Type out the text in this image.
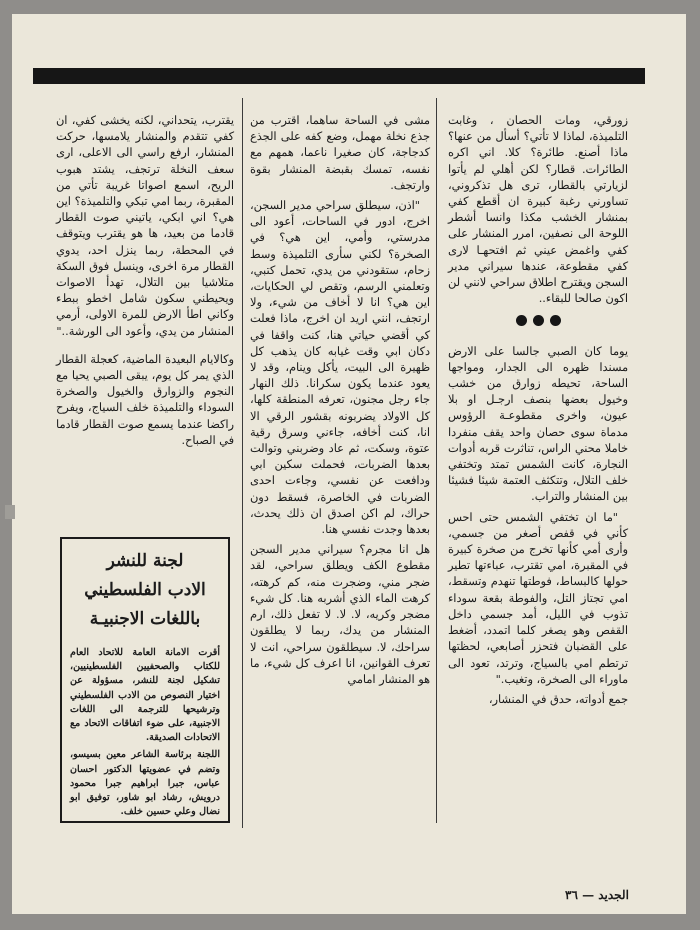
زورقي، ومات الحصان ، وغابت التلميذة، لماذا لا تأتي؟ أسأل من عنها؟ ماذا أصنع. طائرة؟ كلا. اني اكره الطائرات. قطار؟ لكن أهلي لم يأتوا لزيارتي بالقطار، ترى هل تذكروني، تساورني رغبة كبيرة ان أقطع كفي بمنشار الخشب مكذا وانسا أشطر اللوحة الى نصفين، امرر المنشار على كفي واغمض عيني ثم افتحهـا لارى كفي مقطوعة، عندها سيراني مدير السجن ويقترح اطلاق سراحي لانني لن اكون صالحا للبقاء..

يوما كان الصبي جالسا على الارض مسندا ظهره الى الجدار، ومواجها الساحة، تحيطه زوارق من خشب وخيول بعضها بنصف ارجـل او بلا عيون، واخرى مقطوعـة الرؤوس مدماة سوى حصان واحد يقف منفردا خاملا محني الراس، تناثرت قربه أدوات النجارة، كانت الشمس تمتد وتختفي خلف التلال، وتتكثف العتمة شيئا فشيئا بين المنشار والتراب.

"ما ان تختفي الشمس حتى احس كأني في قفص أصغر من جسمي، وأرى أمي كأنها تخرج من صخرة كبيرة في المقبرة، امي تقترب، عباءتها تطير حولها كالبساط، فوطتها تنهدم وتسقط، امي تجتاز التل، والفوطة بقعة سوداء تذوب في الليل، أمد جسمي داخل القفص وهو يصغر كلما اتمدد، أضغط على القضبان فتحزر أصابعي، لحظتها ترتطم امي بالسياج، وترتد، تعود الى ماوراء الى الصخرة، وتغيب."

جمع أدواته، حدق في المنشار،

مشى في الساحة ساهما، اقترب من جذع نخلة مهمل، وضع كفه على الجذع كدجاجة، كان صغيرا ناعما، همهم مع نفسه، تمسك بقبضة المنشار بقوة وارتجف.

"اذن، سيطلق سراحي مدير السجن، اخرج، ادور في الساحات، أعود الى مدرستي، وأمي، اين هي؟ في الصخرة؟ لكني سأرى التلميذة وسط زحام، ستقودني من يدي، تحمل كتبي، وتعلمني الرسم، وتقص لي الحكايات، اين هي؟ انا لا أخاف من شيء، ولا ارتجف، انني اريد ان اخرج، ماذا فعلت كي أقضي حياتي هنا، كنت واقفا في دكان ابي وقت غيابه كان يذهب كل ظهيرة الى البيت، يأكل وينام، وقد لا يعود عندما يكون سكرانا. ذلك النهار جاء رجل مجنون، تعرفه المنطقة كلها، كل الاولاد يضربونه بقشور الرقي الا انا، كنت أخافه، جاءني وسرق رقية عتوة، وسكت، ثم عاد وضربني وتوالت بعدها الضربات، فحملت سكين ابي ودافعت عن نفسي، وجاءت احدى الضربات في الخاصرة، فسقط دون حراك، لم اكن اصدق ان ذلك يحدث، بعدها وجدت نفسي هنا.

هل انا مجرم؟ سيراني مدير السجن مقطوع الكف ويطلق سراحي، لقد ضجر مني، وضجرت منه، كم كرهته، كرهت الماء الذي أشربه هنا. كل شيء مضجر وكريه، لا. لا. لا تفعل ذلك، ارم المنشار من يدك، ربما لا يطلقون سراحك، لا. سيطلقون سراحي، انت لا تعرف القوانين، انا اعرف كل شيء، ما هو المنشار امامي

يقترب، يتحداني، لكنه يخشى كفي، ان كفي تتقدم والمنشار يلامسها، حركت المنشار، ارفع راسي الى الاعلى، ارى سعف النخلة ترتجف، يشتد هبوب الريح، اسمع اصواتا غريبة تأتي من المقبرة، ربما امي تبكي والتلميذة؟ اين هي؟ اني ابكي، ياتيني صوت القطار قادما من بعيد، ها هو يقترب ويتوقف في المحطة، ربما ينزل احد، يدوي القطار مرة اخرى، وينسل فوق السكة متلاشيا بين التلال، تهدأ الاصوات ويحيطني سكون شامل اخطو ببطء وكاني اطأ الارض للمرة الاولى، أرمي المنشار من يدي، وأعود الى الورشة.."

وكالايام البعيدة الماضية، كعجلة القطار الذي يمر كل يوم، يبقى الصبي يحيا مع النجوم والزوارق والخيول والصخرة السوداء والتلميذة خلف السياج، ويفرح راكضا عندما يسمع صوت القطار قادما في الصباح.

لجنة للنشر
الادب الفلسطيني
باللغات الاجنبيـة

أقرت الامانة العامة للاتحاد العام للكتاب والصحفيين الفلسطينيين، تشكيل لجنة للنشر، مسؤولة عن اختيار النصوص من الادب الفلسطيني وترشيحها للترجمة الى اللغات الاجنبية، على ضوء اتفاقات الاتحاد مع الاتحادات الصديقة.

اللجنة برئاسة الشاعر معين بسيسو، وتضم في عضويتها الدكتور احسان عباس، جبرا ابراهيم جبرا محمود درويش، رشاد ابو شاور، توفيق ابو نضال وعلي حسين خلف.

الجديد — ٣٦
